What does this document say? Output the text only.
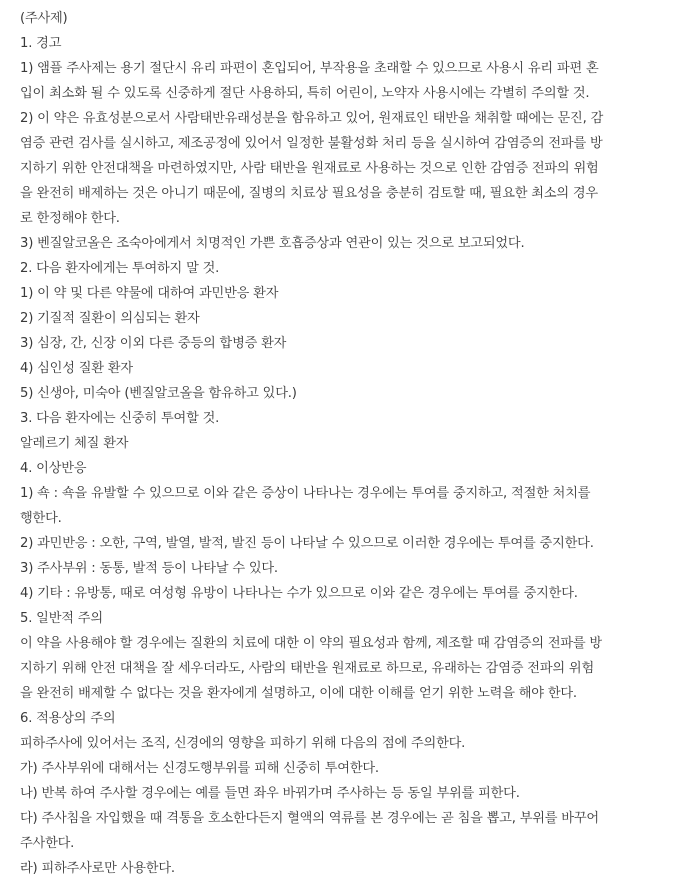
(주사제)
1. 경고
1) 앰플 주사제는 용기 절단시 유리 파편이 혼입되어, 부작용을 초래할 수 있으므로 사용시 유리 파편 혼
입이 최소화 될 수 있도록 신중하게 절단 사용하되, 특히 어린이, 노약자 사용시에는 각별히 주의할 것.
2) 이 약은 유효성분으로서 사람태반유래성분을 함유하고 있어, 원재료인 태반을 채취할 때에는 문진, 감
염증 관련 검사를 실시하고, 제조공정에 있어서 일정한 불활성화 처리 등을 실시하여 감염증의 전파를 방
지하기 위한 안전대책을 마련하였지만, 사람 태반을 원재료로 사용하는 것으로 인한 감염증 전파의 위험
을 완전히 배제하는 것은 아니기 때문에, 질병의 치료상 필요성을 충분히 검토할 때, 필요한 최소의 경우
로 한정해야 한다.
3) 벤질알코올은 조숙아에게서 치명적인 가쁜 호흡증상과 연관이 있는 것으로 보고되었다.
2. 다음 환자에게는 투여하지 말 것.
1) 이 약 및 다른 약물에 대하여 과민반응 환자
2) 기질적 질환이 의심되는 환자
3) 심장, 간, 신장 이외 다른 중등의 합병증 환자
4) 심인성 질환 환자
5) 신생아, 미숙아 (벤질알코올을 함유하고 있다.)
3. 다음 환자에는 신중히 투여할 것.
알레르기 체질 환자
4. 이상반응
1) 쇽 : 쇽을 유발할 수 있으므로 이와 같은 증상이 나타나는 경우에는 투여를 중지하고, 적절한 처치를
행한다.
2) 과민반응 : 오한, 구역, 발열, 발적, 발진 등이 나타날 수 있으므로 이러한 경우에는 투여를 중지한다.
3) 주사부위 : 동통, 발적 등이 나타날 수 있다.
4) 기타 : 유방통, 때로 여성형 유방이 나타나는 수가 있으므로 이와 같은 경우에는 투여를 중지한다.
5. 일반적 주의
이 약을 사용해야 할 경우에는 질환의 치료에 대한 이 약의 필요성과 함께, 제조할 때 감염증의 전파를 방
지하기 위해 안전 대책을 잘 세우더라도, 사람의 태반을 원재료로 하므로, 유래하는 감염증 전파의 위험
을 완전히 배제할 수 없다는 것을 환자에게 설명하고, 이에 대한 이해를 얻기 위한 노력을 해야 한다.
6. 적용상의 주의
피하주사에 있어서는 조직, 신경에의 영향을 피하기 위해 다음의 점에 주의한다.
가) 주사부위에 대해서는 신경도행부위를 피해 신중히 투여한다.
나) 반복 하여 주사할 경우에는 예를 들면 좌우 바꿔가며 주사하는 등 동일 부위를 피한다.
다) 주사침을 자입했을 때 격통을 호소한다든지 혈액의 역류를 본 경우에는 곧 침을 뽑고, 부위를 바꾸어
주사한다.
라) 피하주사로만 사용한다.
